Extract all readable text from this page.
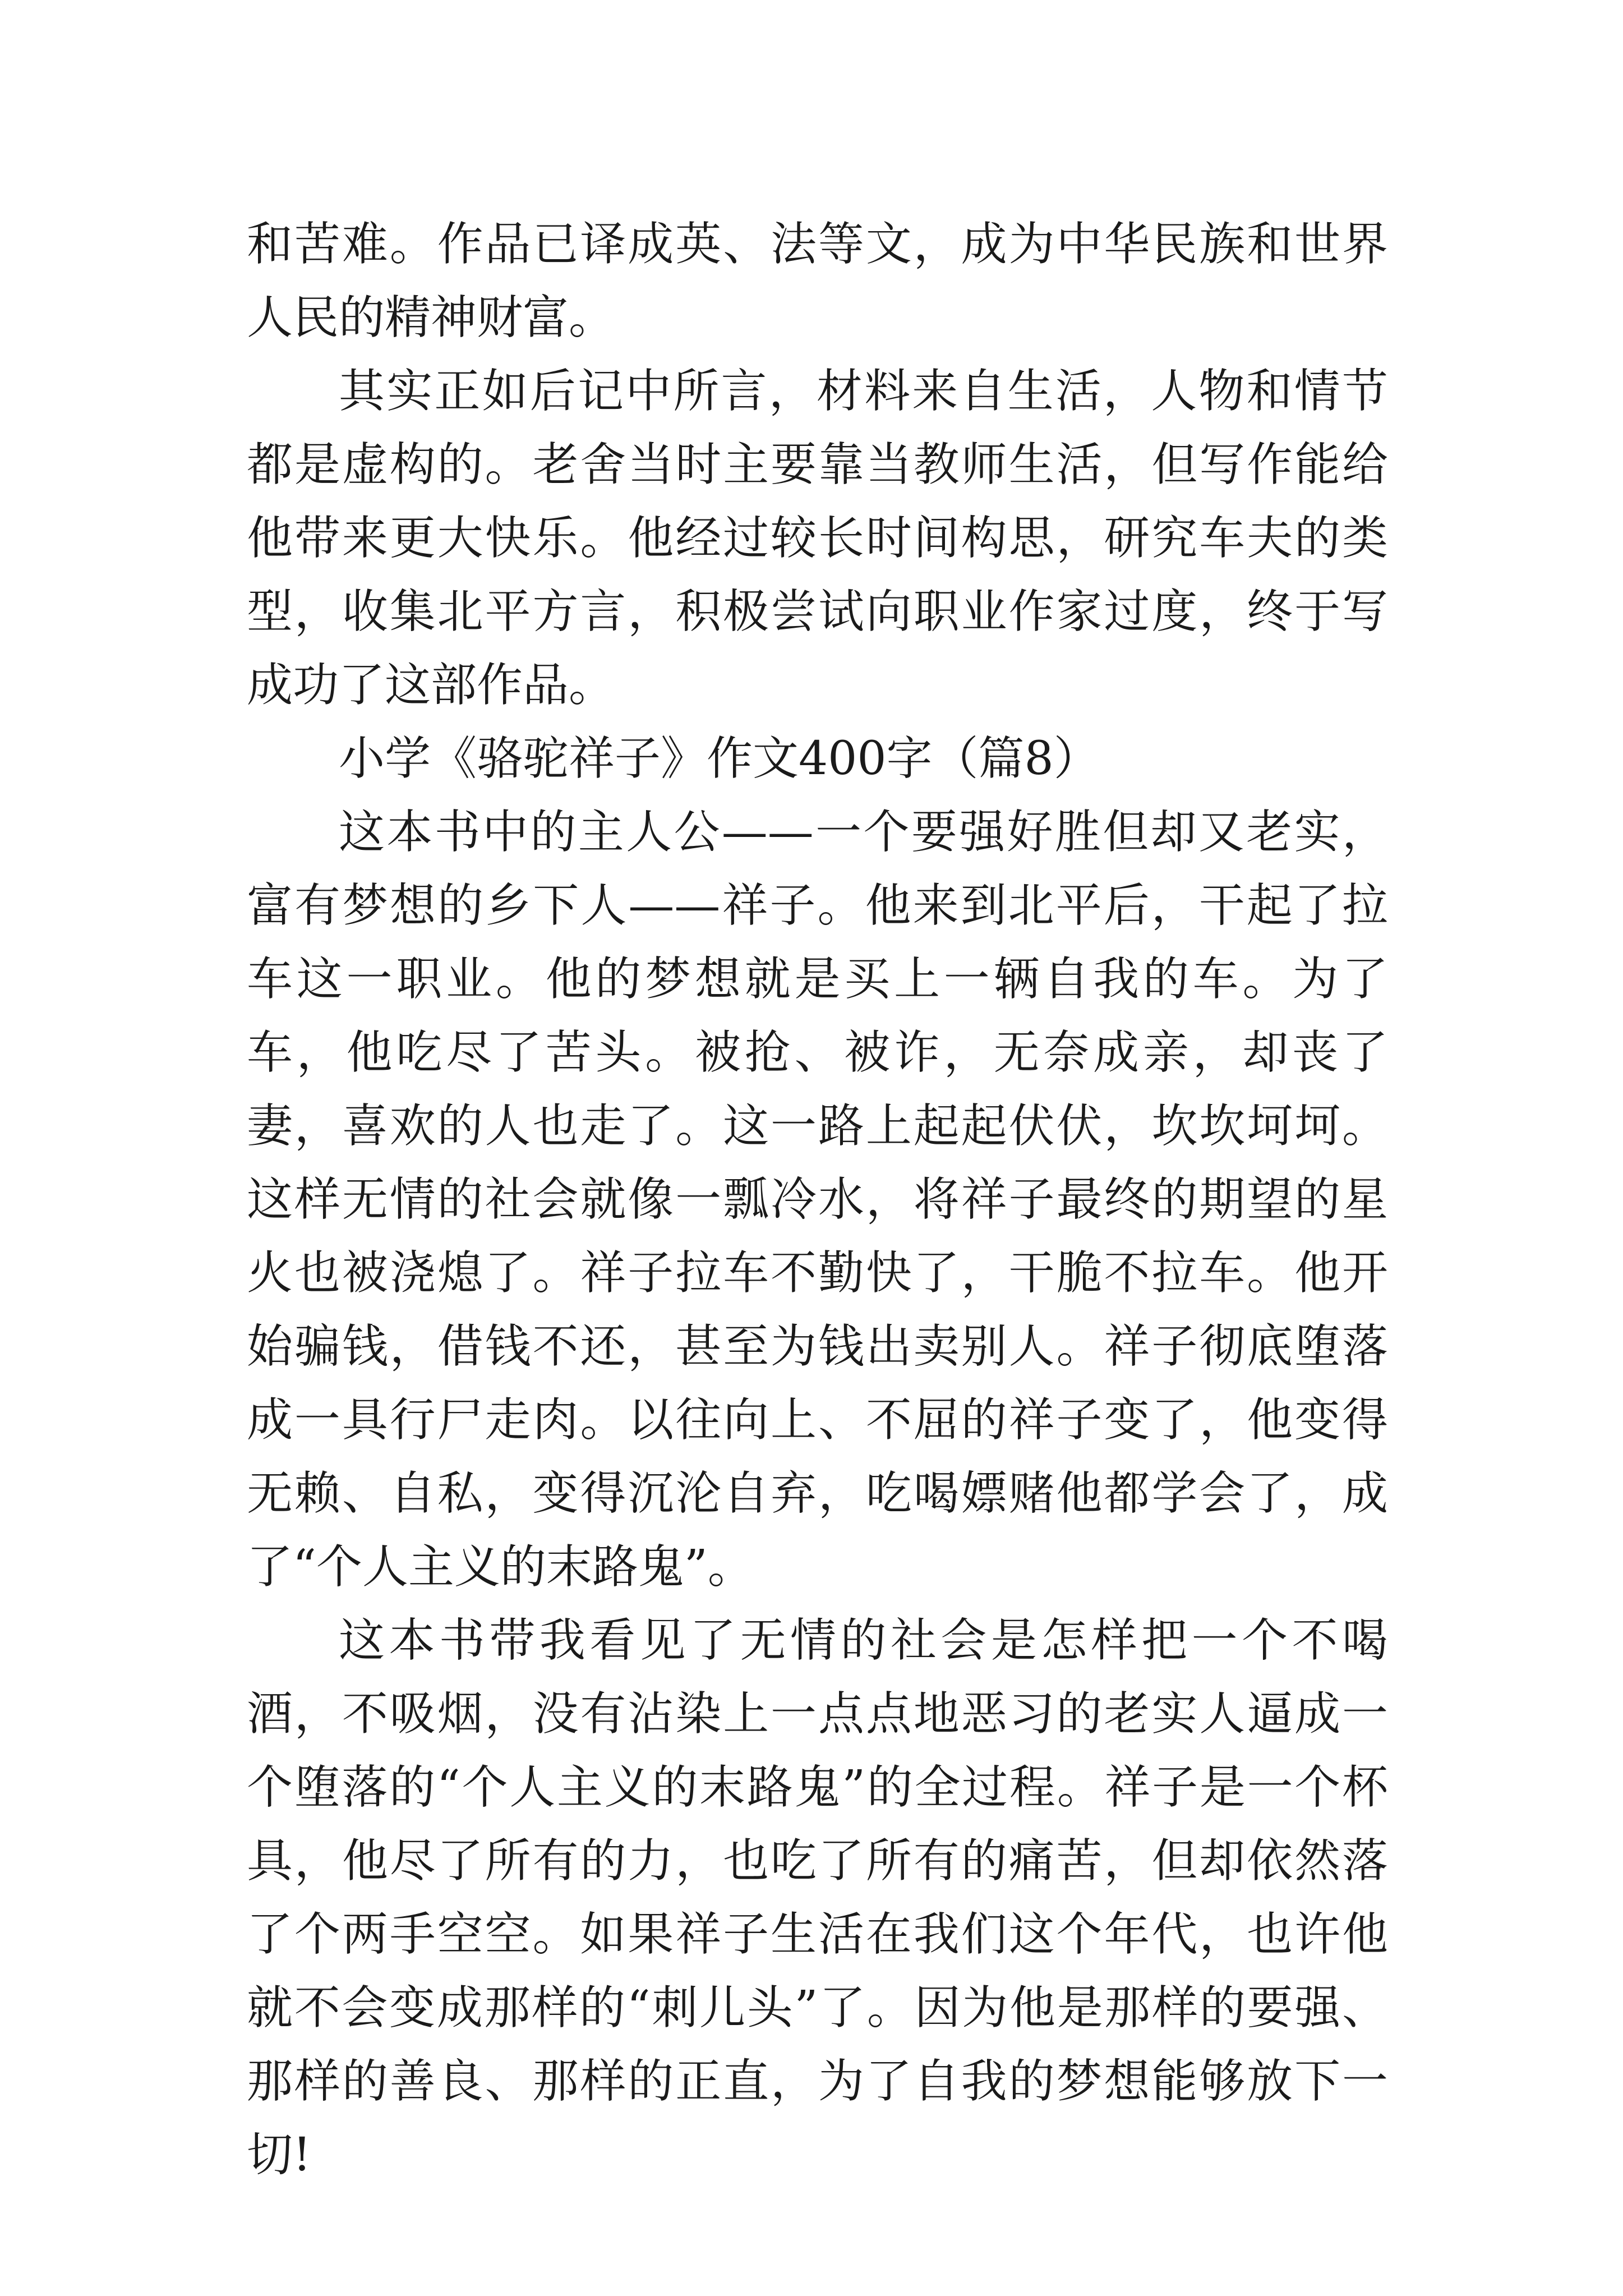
和苦难。作品已译成英、法等文，成为中华民族和世界人民的精神财富。

其实正如后记中所言，材料来自生活，人物和情节都是虚构的。老舍当时主要靠当教师生活，但写作能给他带来更大快乐。他经过较长时间构思，研究车夫的类型，收集北平方言，积极尝试向职业作家过度，终于写成功了这部作品。

小学《骆驼祥子》作文400字（篇8）

这本书中的主人公——一个要强好胜但却又老实，富有梦想的乡下人——祥子。他来到北平后，干起了拉车这一职业。他的梦想就是买上一辆自我的车。为了车，他吃尽了苦头。被抢、被诈，无奈成亲，却丧了妻，喜欢的人也走了。这一路上起起伏伏，坎坎坷坷。这样无情的社会就像一瓢冷水，将祥子最终的期望的星火也被浇熄了。祥子拉车不勤快了，干脆不拉车。他开始骗钱，借钱不还，甚至为钱出卖别人。祥子彻底堕落成一具行尸走肉。以往向上、不屈的祥子变了，他变得无赖、自私，变得沉沦自弃，吃喝嫖赌他都学会了，成了“个人主义的末路鬼”。

这本书带我看见了无情的社会是怎样把一个不喝酒，不吸烟，没有沾染上一点点地恶习的老实人逼成一个堕落的“个人主义的末路鬼”的全过程。祥子是一个杯具，他尽了所有的力，也吃了所有的痛苦，但却依然落了个两手空空。如果祥子生活在我们这个年代，也许他就不会变成那样的“刺儿头”了。因为他是那样的要强、那样的善良、那样的正直，为了自我的梦想能够放下一切!
